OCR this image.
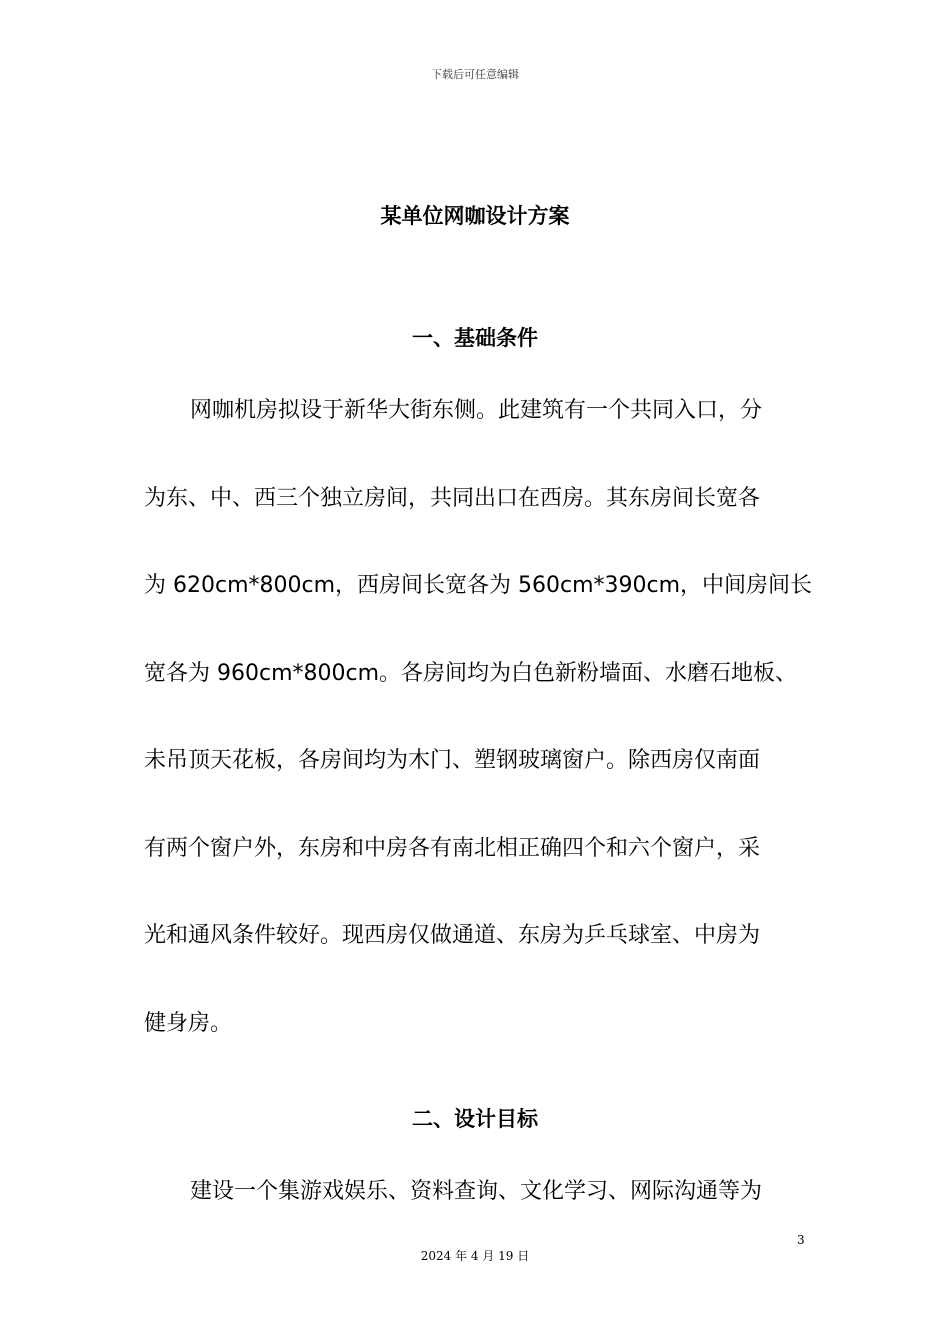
下载后可任意编辑
某单位网咖设计方案
一、基础条件
网咖机房拟设于新华大街东侧。此建筑有一个共同入口，分
为东、中、西三个独立房间，共同出口在西房。其东房间长宽各
为 620cm*800cm，西房间长宽各为 560cm*390cm，中间房间长
宽各为 960cm*800cm。各房间均为白色新粉墙面、水磨石地板、
未吊顶天花板，各房间均为木门、塑钢玻璃窗户。除西房仅南面
有两个窗户外，东房和中房各有南北相正确四个和六个窗户，采
光和通风条件较好。现西房仅做通道、东房为乒乓球室、中房为
健身房。
二、设计目标
建设一个集游戏娱乐、资料查询、文化学习、网际沟通等为
3
2024 年 4 月 19 日
